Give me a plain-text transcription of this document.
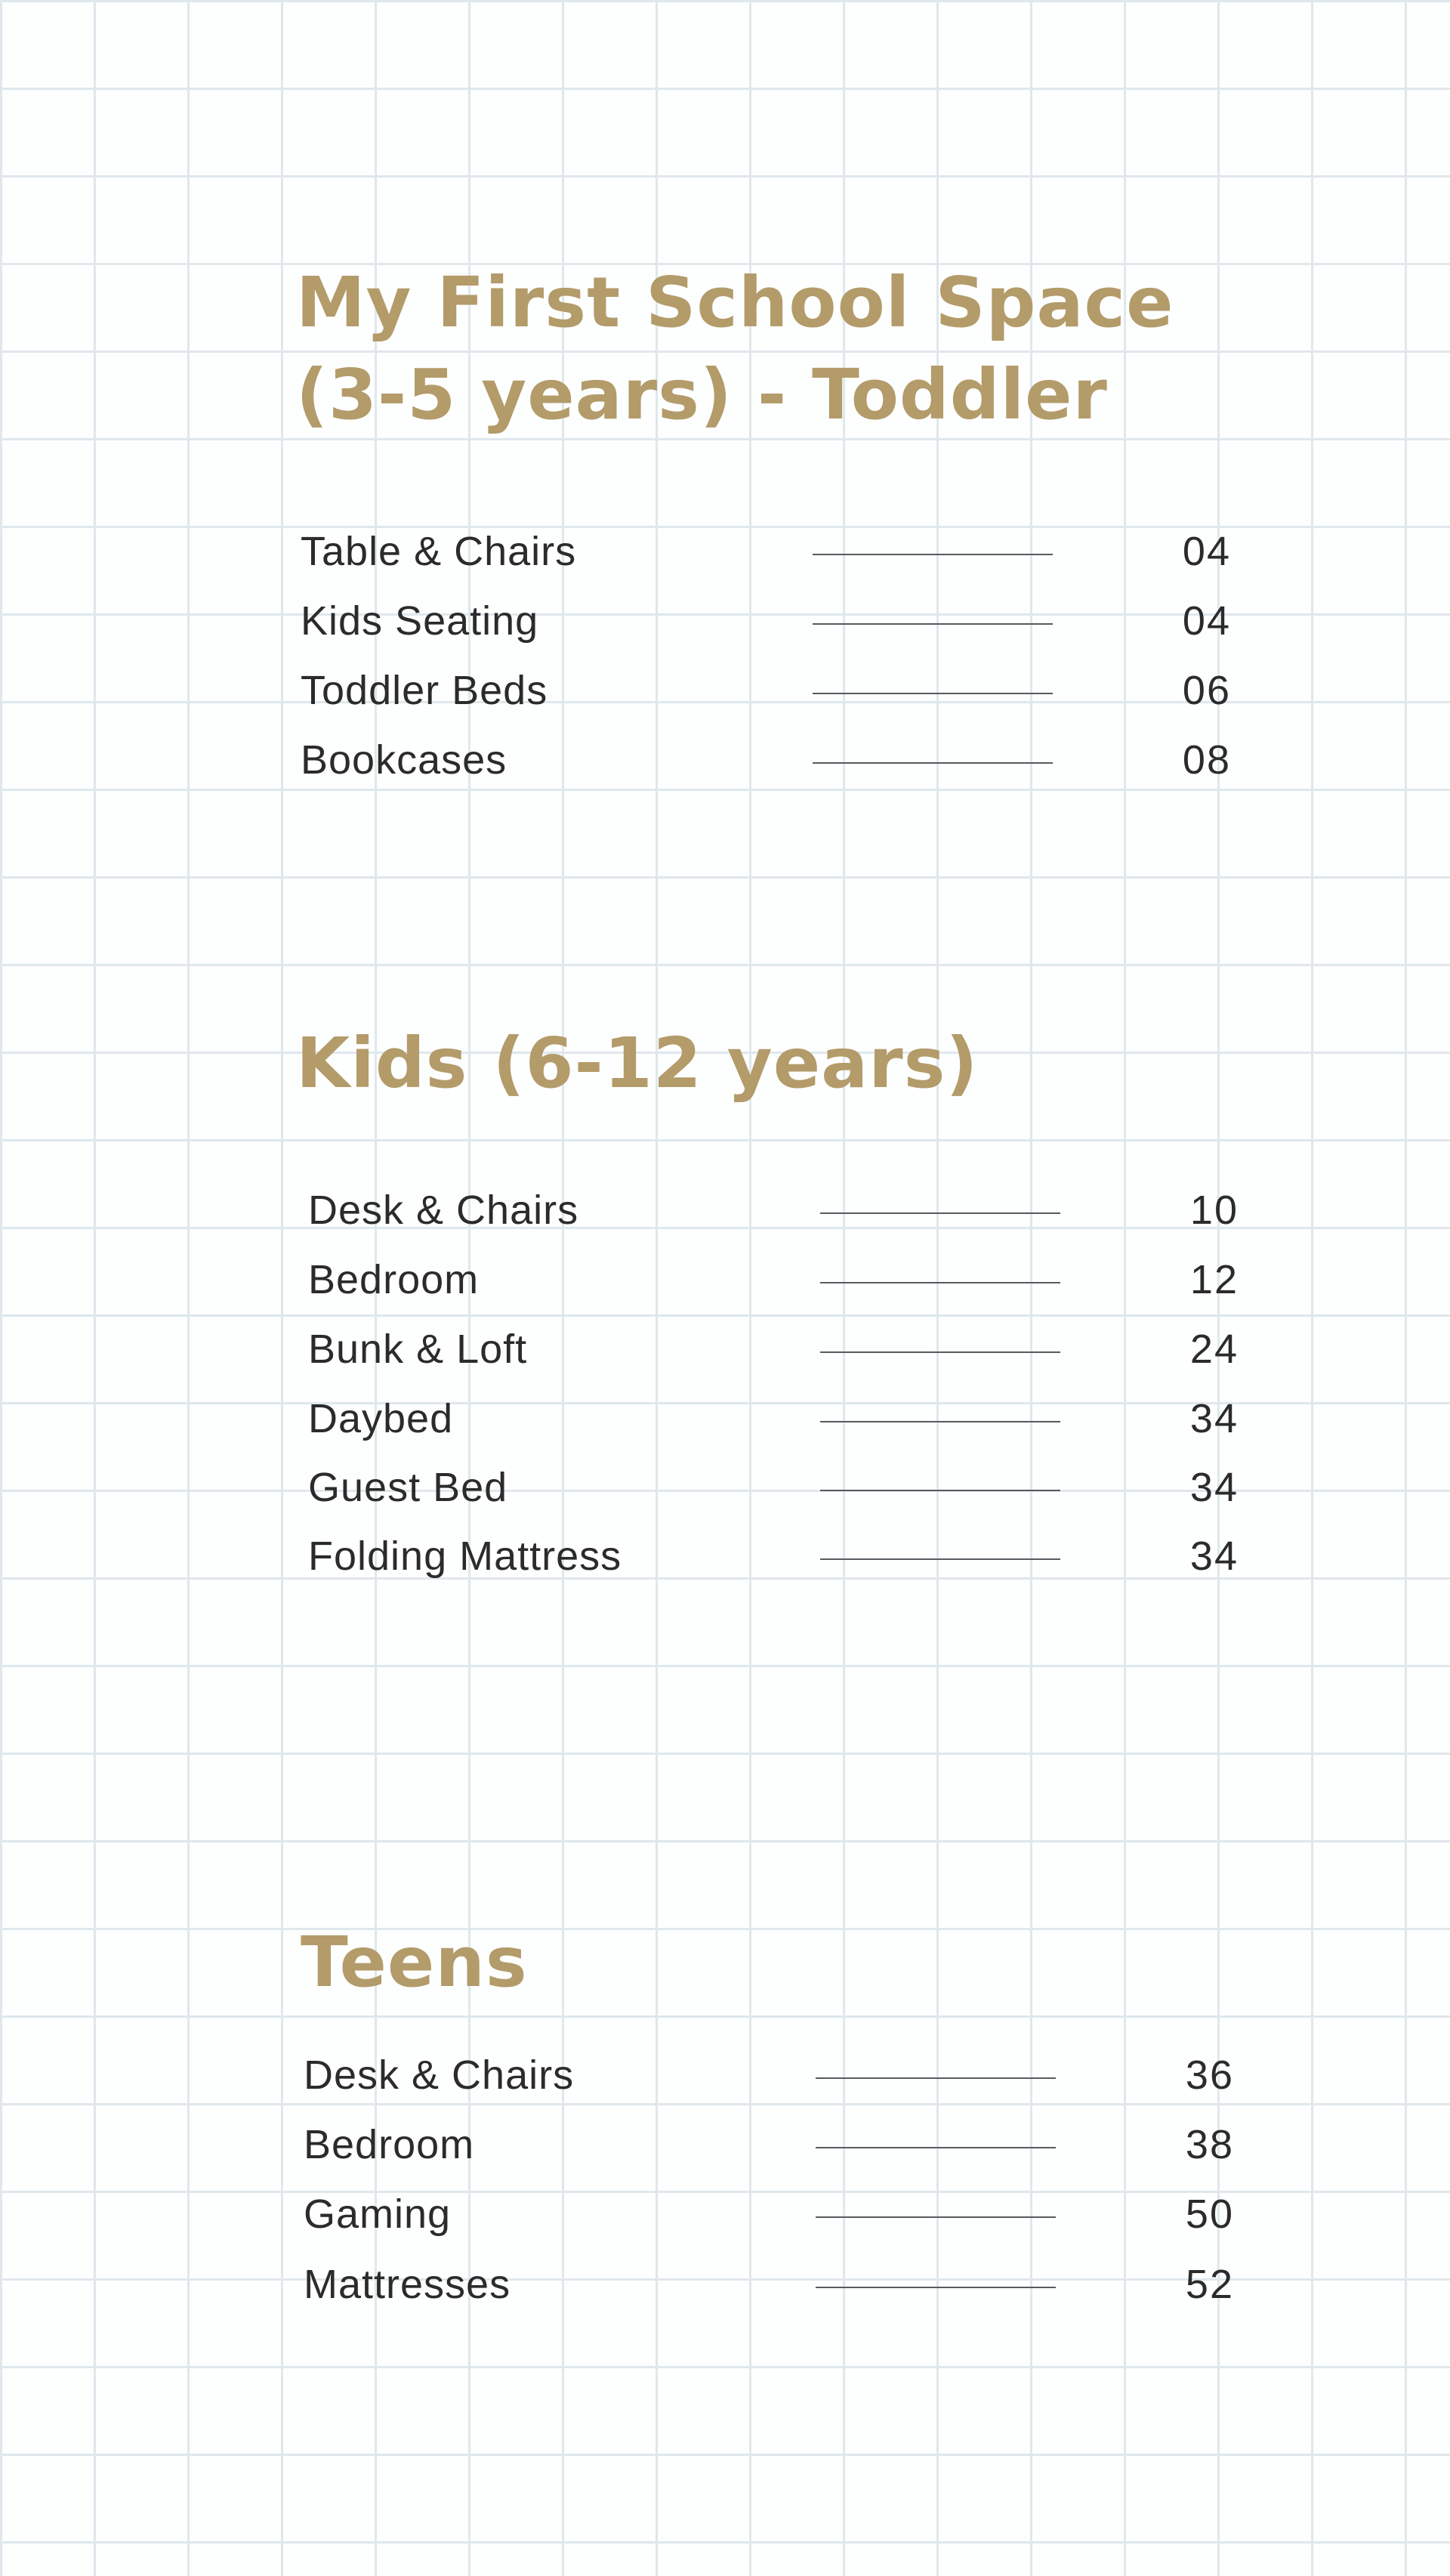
My First School Space
(3-5 years) - Toddler
Table & Chairs	04
Kids Seating	04
Toddler Beds	06
Bookcases	08
Kids (6-12 years)
Desk & Chairs	10
Bedroom	12
Bunk & Loft	24
Daybed	34
Guest Bed	34
Folding Mattress	34
Teens
Desk & Chairs	36
Bedroom	38
Gaming	50
Mattresses	52
